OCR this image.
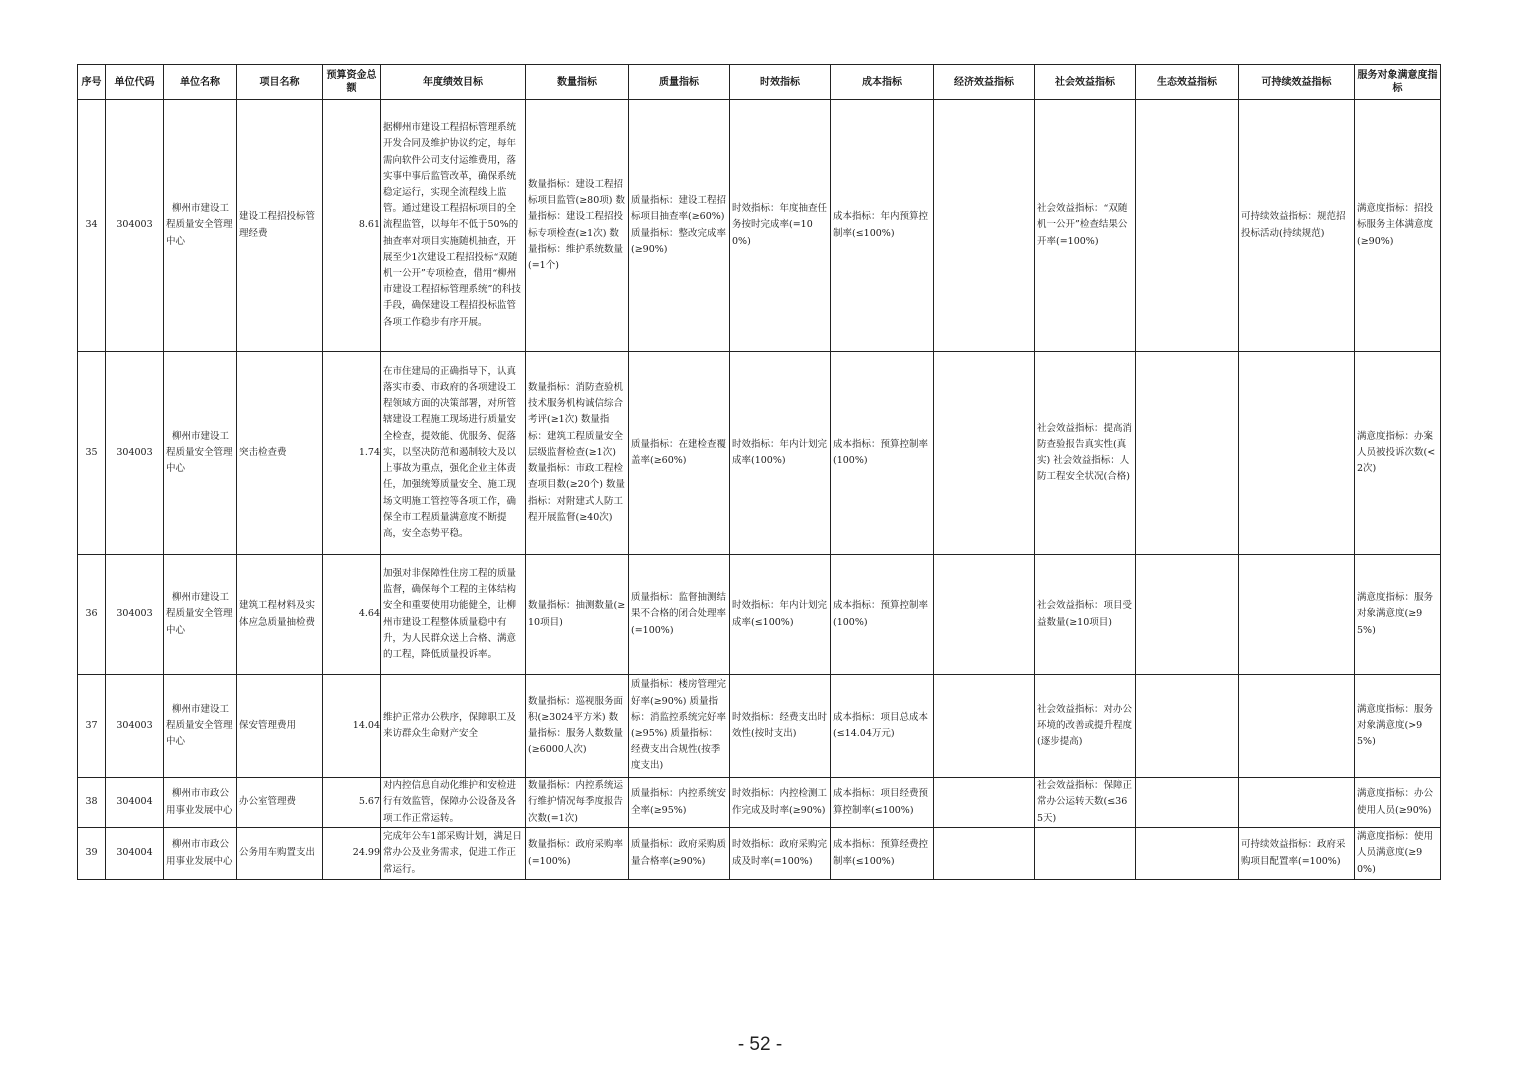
序号	单位代码	单位名称	项目名称	预算资金总额	年度绩效目标	数量指标	质量指标	时效指标	成本指标	经济效益指标	社会效益指标	生态效益指标	可持续效益指标	服务对象满意度指标

34	304003	柳州市建设工程质量安全管理中心	建设工程招投标管理经费	8.61	据柳州市建设工程招标管理系统开发合同及维护协议约定，每年需向软件公司支付运维费用，落实事中事后监管改革，确保系统稳定运行，实现全流程线上监管。通过建设工程招标项目的全流程监管，以每年不低于50%的抽查率对项目实施随机抽查，开展至少1次建设工程招投标“双随机一公开”专项检查，借用“柳州市建设工程招标管理系统”的科技手段，确保建设工程招投标监管各项工作稳步有序开展。	数量指标：建设工程招标项目监管(≥80项) 数量指标：建设工程招投标专项检查(≥1次) 数量指标：维护系统数量(=1个)	质量指标：建设工程招标项目抽查率(≥60%) 质量指标：整改完成率(≥90%)	时效指标：年度抽查任务按时完成率(=100%)	成本指标：年内预算控制率(≤100%)		社会效益指标：“双随机一公开”检查结果公开率(=100%)		可持续效益指标：规范招投标活动(持续规范)	满意度指标：招投标服务主体满意度(≥90%)

35	304003	柳州市建设工程质量安全管理中心	突击检查费	1.74	在市住建局的正确指导下，认真落实市委、市政府的各项建设工程领域方面的决策部署，对所管辖建设工程施工现场进行质量安全检查，提效能、优服务、促落实，以坚决防范和遏制较大及以上事故为重点，强化企业主体责任，加强统筹质量安全、施工现场文明施工管控等各项工作，确保全市工程质量满意度不断提高，安全态势平稳。	数量指标：消防查验机技术服务机构诚信综合考评(≥1次) 数量指标：建筑工程质量安全层级监督检查(≥1次) 数量指标：市政工程检查项目数(≥20个) 数量指标：对附建式人防工程开展监督(≥40次)	质量指标：在建检查覆盖率(≥60%)	时效指标：年内计划完成率(100%)	成本指标：预算控制率(100%)		社会效益指标：提高消防查验报告真实性(真实) 社会效益指标：人防工程安全状况(合格)			满意度指标：办案人员被投诉次数(<2次)

36	304003	柳州市建设工程质量安全管理中心	建筑工程材料及实体应急质量抽检费	4.64	加强对非保障性住房工程的质量监督，确保每个工程的主体结构安全和重要使用功能健全，让柳州市建设工程整体质量稳中有升，为人民群众送上合格、满意的工程，降低质量投诉率。	数量指标：抽测数量(≥10项目)	质量指标：监督抽测结果不合格的闭合处理率(=100%)	时效指标：年内计划完成率(≤100%)	成本指标：预算控制率(100%)		社会效益指标：项目受益数量(≥10项目)			满意度指标：服务对象满意度(≥95%)

37	304003	柳州市建设工程质量安全管理中心	保安管理费用	14.04	维护正常办公秩序，保障职工及来访群众生命财产安全	数量指标：巡视服务面积(≥3024平方米) 数量指标：服务人数数量(≥6000人次)	质量指标：楼房管理完好率(≥90%) 质量指标：消监控系统完好率(≥95%) 质量指标：经费支出合规性(按季度支出)	时效指标：经费支出时效性(按时支出)	成本指标：项目总成本(≤14.04万元)		社会效益指标：对办公环境的改善或提升程度(逐步提高)			满意度指标：服务对象满意度(>95%)

38	304004	柳州市市政公用事业发展中心	办公室管理费	5.67	对内控信息自动化维护和安检进行有效监管，保障办公设备及各项工作正常运转。	数量指标：内控系统运行维护情况每季度报告次数(=1次)	质量指标：内控系统安全率(≥95%)	时效指标：内控检测工作完成及时率(≥90%)	成本指标：项目经费预算控制率(≤100%)		社会效益指标：保障正常办公运转天数(≤365天)			满意度指标：办公使用人员(≥90%)

39	304004	柳州市市政公用事业发展中心	公务用车购置支出	24.99	完成年公车1部采购计划，满足日常办公及业务需求，促进工作正常运行。	数量指标：政府采购率(=100%)	质量指标：政府采购质量合格率(≥90%)	时效指标：政府采购完成及时率(=100%)	成本指标：预算经费控制率(≤100%)				可持续效益指标：政府采购项目配置率(=100%)	满意度指标：使用人员满意度(≥90%)
- 52 -
